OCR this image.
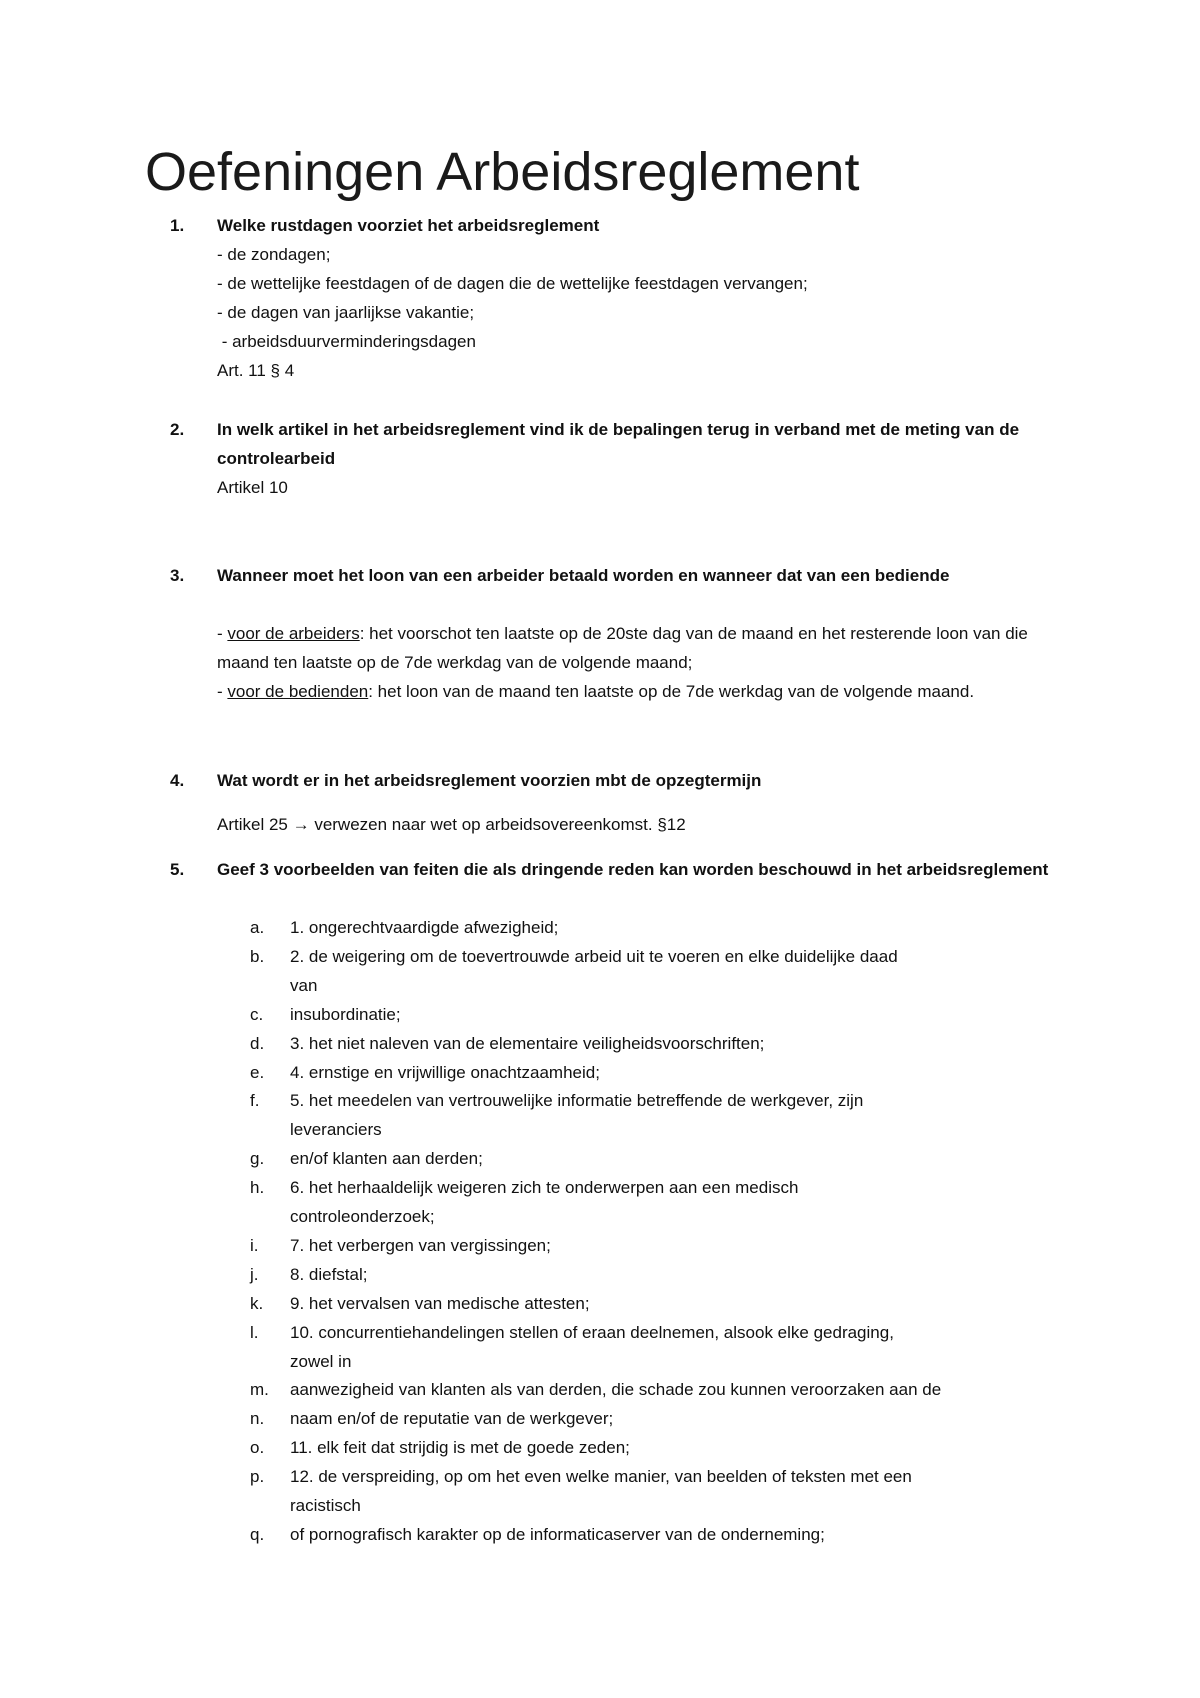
Oefeningen Arbeidsreglement
1.	Welke rustdagen voorziet het arbeidsreglement
- de zondagen;
- de wettelijke feestdagen of de dagen die de wettelijke feestdagen vervangen;
- de dagen van jaarlijkse vakantie;
- arbeidsduurverminderingsdagen
Art. 11 § 4
2.	In welk artikel in het arbeidsreglement vind ik de bepalingen terug in verband met de meting van de controlearbeid
Artikel 10
3.	Wanneer moet het loon van een arbeider betaald worden en wanneer dat van een bediende
- voor de arbeiders: het voorschot ten laatste op de 20ste dag van de maand en het resterende loon van die maand ten laatste op de 7de werkdag van de volgende maand;
- voor de bedienden: het loon van de maand ten laatste op de 7de werkdag van de volgende maand.
4.	Wat wordt er in het arbeidsreglement voorzien mbt de opzegtermijn
Artikel 25 → verwezen naar wet op arbeidsovereenkomst. §12
5.	Geef 3 voorbeelden van feiten die als dringende reden kan worden beschouwd in het arbeidsreglement
a.	1. ongerechtvaardigde afwezigheid;
b.	2. de weigering om de toevertrouwde arbeid uit te voeren en elke duidelijke daad
van
c.	insubordinatie;
d.	3. het niet naleven van de elementaire veiligheidsvoorschriften;
e.	4. ernstige en vrijwillige onachtzaamheid;
f.	5. het meedelen van vertrouwelijke informatie betreffende de werkgever, zijn
leveranciers
g.	en/of klanten aan derden;
h.	6. het herhaaldelijk weigeren zich te onderwerpen aan een medisch
controleonderzoek;
i.	7. het verbergen van vergissingen;
j.	8. diefstal;
k.	9. het vervalsen van medische attesten;
l.	10. concurrentiehandelingen stellen of eraan deelnemen, alsook elke gedraging,
zowel in
m.	aanwezigheid van klanten als van derden, die schade zou kunnen veroorzaken aan de
n.	naam en/of de reputatie van de werkgever;
o.	11. elk feit dat strijdig is met de goede zeden;
p.	12. de verspreiding, op om het even welke manier, van beelden of teksten met een
racistisch
q.	of pornografisch karakter op de informaticaserver van de onderneming;
